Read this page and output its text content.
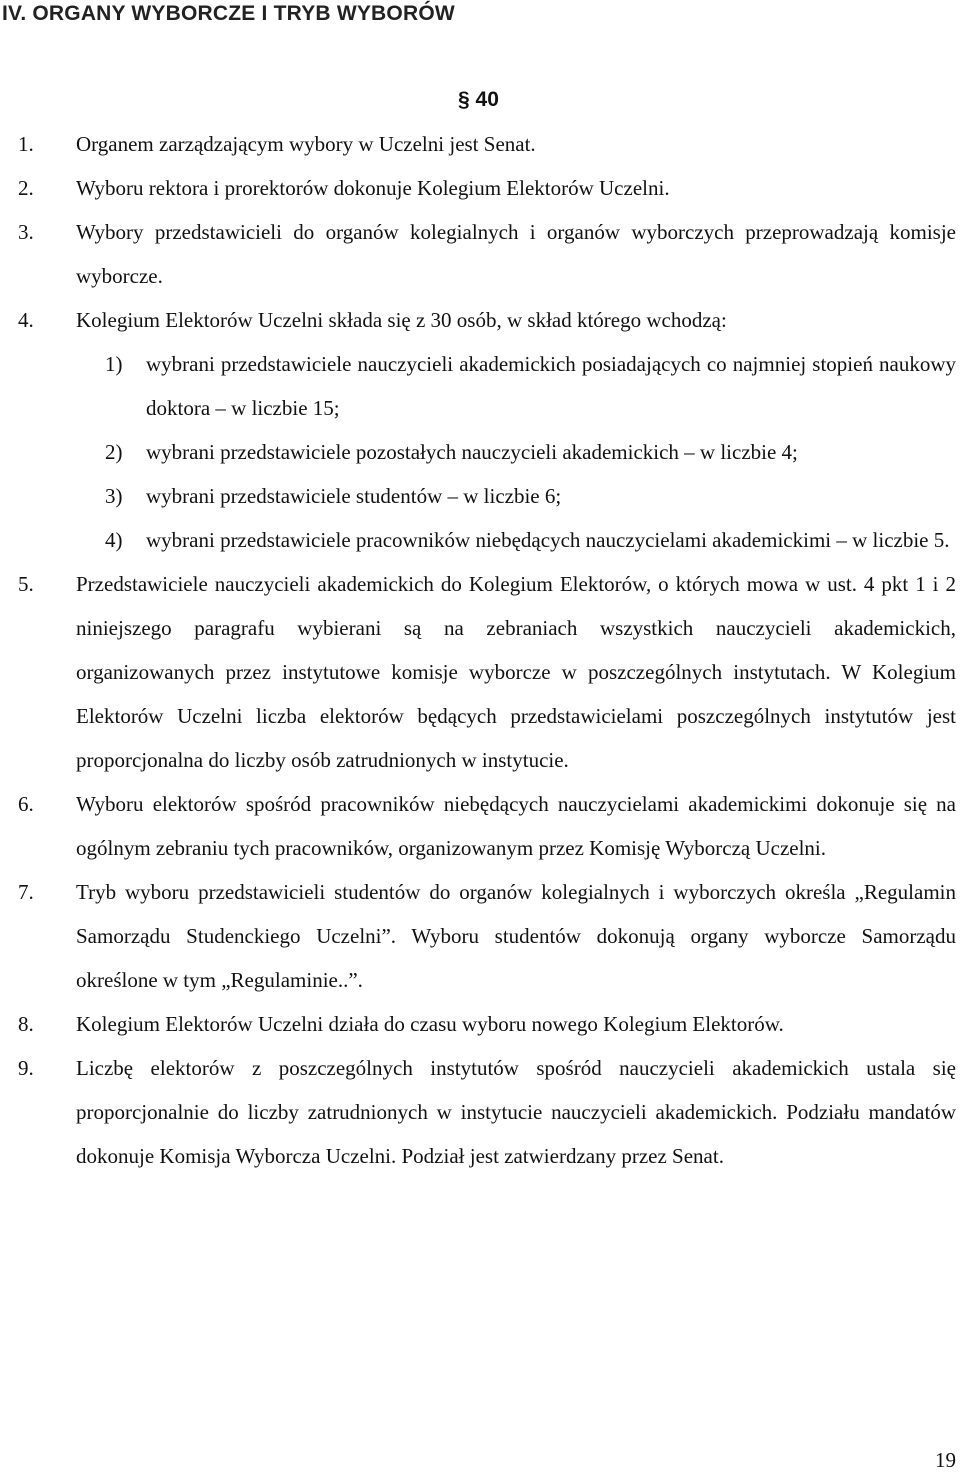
IV. ORGANY WYBORCZE I TRYB WYBORÓW
§ 40
1.	Organem zarządzającym wybory w Uczelni jest Senat.
2.	Wyboru rektora i prorektorów dokonuje Kolegium Elektorów Uczelni.
3.	Wybory przedstawicieli do organów kolegialnych i organów wyborczych przeprowadzają komisje wyborcze.
4.	Kolegium Elektorów Uczelni składa się z 30 osób, w skład którego wchodzą:
1)	wybrani przedstawiciele nauczycieli akademickich posiadających co najmniej stopień naukowy doktora – w liczbie 15;
2)	wybrani przedstawiciele pozostałych nauczycieli akademickich – w liczbie 4;
3)	wybrani przedstawiciele studentów – w liczbie 6;
4)	wybrani przedstawiciele pracowników niebędących nauczycielami akademickimi – w liczbie 5.
5.	Przedstawiciele nauczycieli akademickich do Kolegium Elektorów, o których mowa w ust. 4 pkt 1 i 2 niniejszego paragrafu wybierani są na zebraniach wszystkich nauczycieli akademickich, organizowanych przez instytutowe komisje wyborcze w poszczególnych instytutach. W Kolegium Elektorów Uczelni liczba elektorów będących przedstawicielami poszczególnych instytutów jest proporcjonalna do liczby osób zatrudnionych w instytucie.
6.	Wyboru elektorów spośród pracowników niebędących nauczycielami akademickimi dokonuje się na ogólnym zebraniu tych pracowników, organizowanym przez Komisję Wyborczą Uczelni.
7.	Tryb wyboru przedstawicieli studentów do organów kolegialnych i wyborczych określa „Regulamin Samorządu Studenckiego Uczelni”. Wyboru studentów dokonują organy wyborcze Samorządu określone w tym „Regulaminie..”.
8.	Kolegium Elektorów Uczelni działa do czasu wyboru nowego Kolegium Elektorów.
9.	Liczbę elektorów z poszczególnych instytutów spośród nauczycieli akademickich ustala się proporcjonalnie do liczby zatrudnionych w instytucie nauczycieli akademickich. Podziału mandatów dokonuje Komisja Wyborcza Uczelni. Podział jest zatwierdzany przez Senat.
19
